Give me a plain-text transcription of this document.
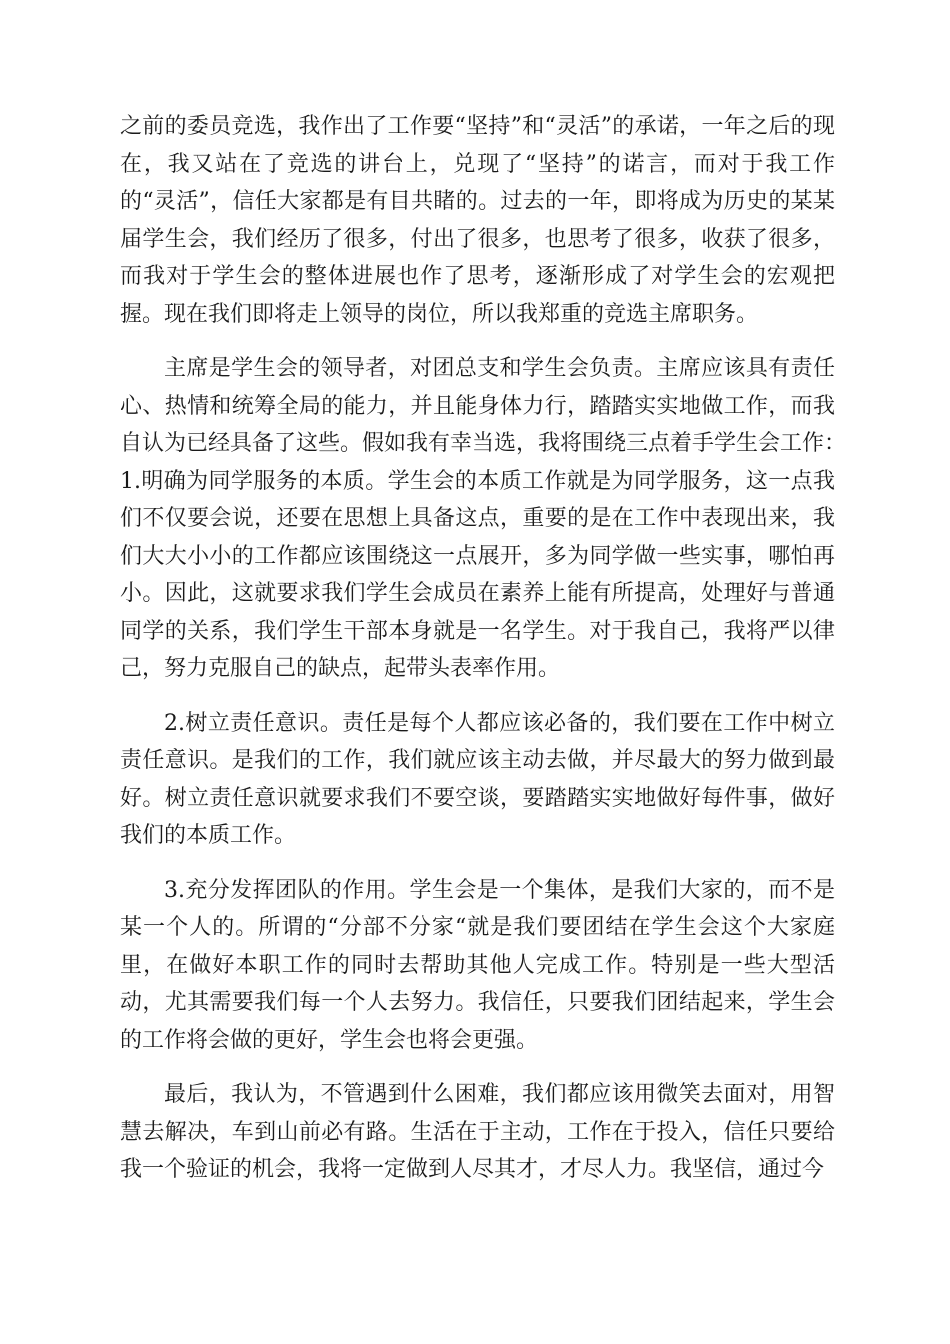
之前的委员竞选，我作出了工作要“坚持”和“灵活”的承诺，一年之后的现在，我又站在了竞选的讲台上，兑现了“坚持”的诺言，而对于我工作的“灵活”，信任大家都是有目共睹的。过去的一年，即将成为历史的某某届学生会，我们经历了很多，付出了很多，也思考了很多，收获了很多，而我对于学生会的整体进展也作了思考，逐渐形成了对学生会的宏观把握。现在我们即将走上领导的岗位，所以我郑重的竞选主席职务。

主席是学生会的领导者，对团总支和学生会负责。主席应该具有责任心、热情和统筹全局的能力，并且能身体力行，踏踏实实地做工作，而我自认为已经具备了这些。假如我有幸当选，我将围绕三点着手学生会工作：　1.明确为同学服务的本质。学生会的本质工作就是为同学服务，这一点我们不仅要会说，还要在思想上具备这点，重要的是在工作中表现出来，我们大大小小的工作都应该围绕这一点展开，多为同学做一些实事，哪怕再小。因此，这就要求我们学生会成员在素养上能有所提高，处理好与普通同学的关系，我们学生干部本身就是一名学生。对于我自己，我将严以律己，努力克服自己的缺点，起带头表率作用。

2.树立责任意识。责任是每个人都应该必备的，我们要在工作中树立责任意识。是我们的工作，我们就应该主动去做，并尽最大的努力做到最好。树立责任意识就要求我们不要空谈，要踏踏实实地做好每件事，做好我们的本质工作。

3.充分发挥团队的作用。学生会是一个集体，是我们大家的，而不是某一个人的。所谓的“分部不分家“就是我们要团结在学生会这个大家庭里，在做好本职工作的同时去帮助其他人完成工作。特别是一些大型活动，尤其需要我们每一个人去努力。我信任，只要我们团结起来，学生会的工作将会做的更好，学生会也将会更强。

最后，我认为，不管遇到什么困难，我们都应该用微笑去面对，用智慧去解决，车到山前必有路。生活在于主动，工作在于投入，信任只要给我一个验证的机会，我将一定做到人尽其才，才尽人力。我坚信，通过今
